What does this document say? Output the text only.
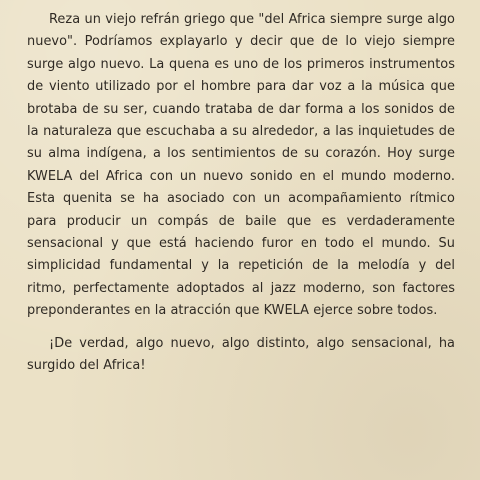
Reza un viejo refrán griego que "del Africa siempre surge algo nuevo". Podríamos explayarlo y decir que de lo viejo siempre surge algo nuevo. La quena es uno de los primeros instrumentos de viento utilizado por el hombre para dar voz a la música que brotaba de su ser, cuando trataba de dar forma a los sonidos de la naturaleza que escuchaba a su alrededor, a las inquietudes de su alma indígena, a los sentimientos de su corazón. Hoy surge KWELA del Africa con un nuevo sonido en el mundo moderno. Esta quenita se ha asociado con un acompañamiento rítmico para producir un compás de baile que es verdaderamente sensacional y que está haciendo furor en todo el mundo. Su simplicidad fundamental y la repetición de la melodía y del ritmo, perfectamente adoptados al jazz moderno, son factores preponderantes en la atracción que KWELA ejerce sobre todos.

¡De verdad, algo nuevo, algo distinto, algo sensacional, ha surgido del Africa!
